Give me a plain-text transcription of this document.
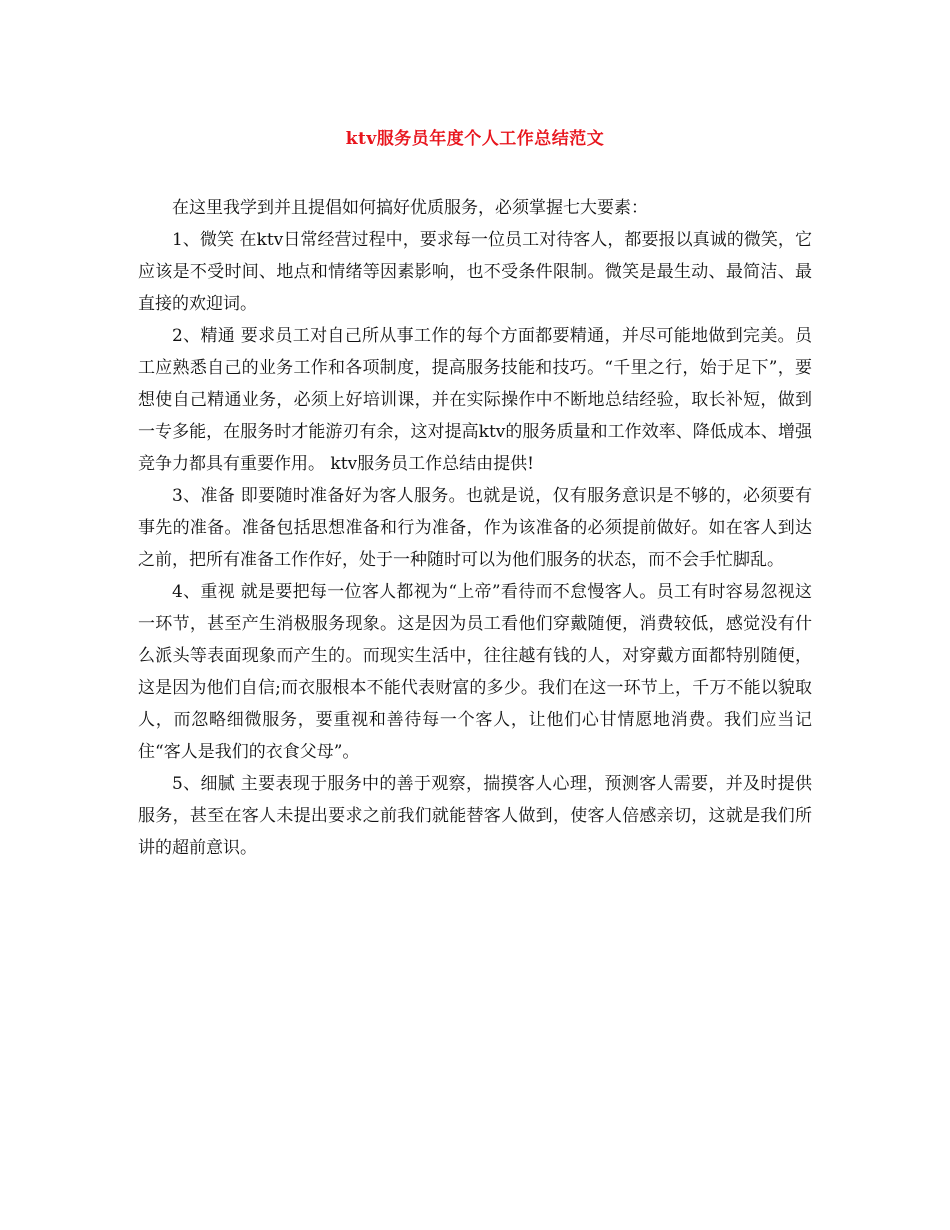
ktv服务员年度个人工作总结范文

在这里我学到并且提倡如何搞好优质服务，必须掌握七大要素：

1、微笑 在ktv日常经营过程中，要求每一位员工对待客人，都要报以真诚的微笑，它应该是不受时间、地点和情绪等因素影响，也不受条件限制。微笑是最生动、最简洁、最直接的欢迎词。

2、精通 要求员工对自己所从事工作的每个方面都要精通，并尽可能地做到完美。员工应熟悉自己的业务工作和各项制度，提高服务技能和技巧。“千里之行，始于足下”，要想使自己精通业务，必须上好培训课，并在实际操作中不断地总结经验，取长补短，做到一专多能，在服务时才能游刃有余，这对提高ktv的服务质量和工作效率、降低成本、增强竞争力都具有重要作用。 ktv服务员工作总结由提供!

3、准备 即要随时准备好为客人服务。也就是说，仅有服务意识是不够的，必须要有事先的准备。准备包括思想准备和行为准备，作为该准备的必须提前做好。如在客人到达之前，把所有准备工作作好，处于一种随时可以为他们服务的状态，而不会手忙脚乱。

4、重视 就是要把每一位客人都视为“上帝”看待而不怠慢客人。员工有时容易忽视这一环节，甚至产生消极服务现象。这是因为员工看他们穿戴随便，消费较低，感觉没有什么派头等表面现象而产生的。而现实生活中，往往越有钱的人，对穿戴方面都特别随便，这是因为他们自信;而衣服根本不能代表财富的多少。我们在这一环节上，千万不能以貌取人，而忽略细微服务，要重视和善待每一个客人，让他们心甘情愿地消费。我们应当记住“客人是我们的衣食父母”。

5、细腻 主要表现于服务中的善于观察，揣摸客人心理，预测客人需要，并及时提供服务，甚至在客人未提出要求之前我们就能替客人做到，使客人倍感亲切，这就是我们所讲的超前意识。
